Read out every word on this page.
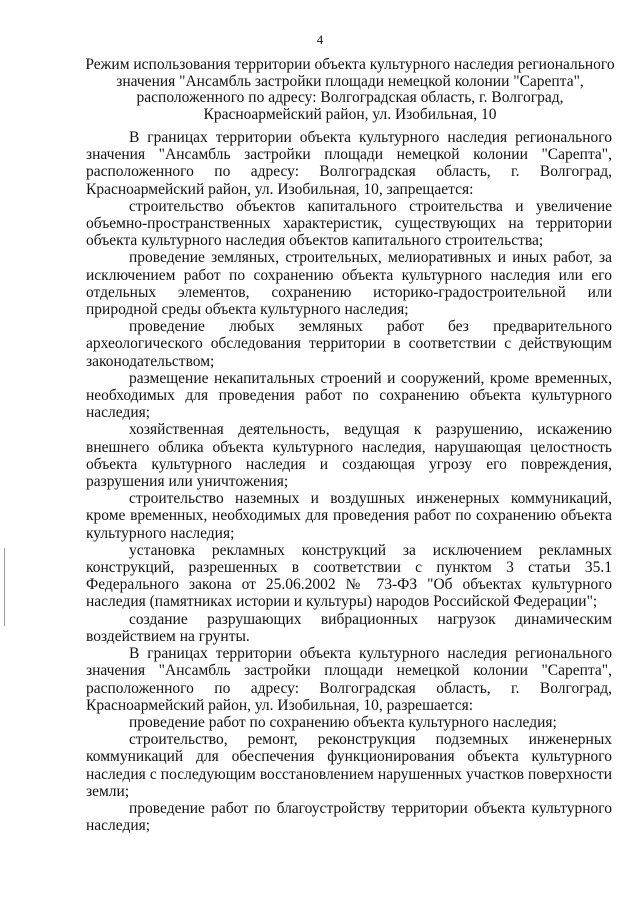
4
Режим использования территории объекта культурного наследия регионального значения "Ансамбль застройки площади немецкой колонии "Сарепта", расположенного по адресу: Волгоградская область, г. Волгоград, Красноармейский район, ул. Изобильная, 10

В границах территории объекта культурного наследия регионального значения "Ансамбль застройки площади немецкой колонии "Сарепта", расположенного по адресу: Волгоградская область, г. Волгоград, Красноармейский район, ул. Изобильная, 10, запрещается:

строительство объектов капитального строительства и увеличение объемно-пространственных характеристик, существующих на территории объекта культурного наследия объектов капитального строительства;

проведение земляных, строительных, мелиоративных и иных работ, за исключением работ по сохранению объекта культурного наследия или его отдельных элементов, сохранению историко-градостроительной или природной среды объекта культурного наследия;

проведение любых земляных работ без предварительного археологического обследования территории в соответствии с действующим законодательством;

размещение некапитальных строений и сооружений, кроме временных, необходимых для проведения работ по сохранению объекта культурного наследия;

хозяйственная деятельность, ведущая к разрушению, искажению внешнего облика объекта культурного наследия, нарушающая целостность объекта культурного наследия и создающая угрозу его повреждения, разрушения или уничтожения;

строительство наземных и воздушных инженерных коммуникаций, кроме временных, необходимых для проведения работ по сохранению объекта культурного наследия;

установка рекламных конструкций за исключением рекламных конструкций, разрешенных в соответствии с пунктом 3 статьи 35.1 Федерального закона от 25.06.2002 № 73-ФЗ "Об объектах культурного наследия (памятниках истории и культуры) народов Российской Федерации";

создание разрушающих вибрационных нагрузок динамическим воздействием на грунты.

В границах территории объекта культурного наследия регионального значения "Ансамбль застройки площади немецкой колонии "Сарепта", расположенного по адресу: Волгоградская область, г. Волгоград, Красноармейский район, ул. Изобильная, 10, разрешается:

проведение работ по сохранению объекта культурного наследия;

строительство, ремонт, реконструкция подземных инженерных коммуникаций для обеспечения функционирования объекта культурного наследия с последующим восстановлением нарушенных участков поверхности земли;

проведение работ по благоустройству территории объекта культурного наследия;
